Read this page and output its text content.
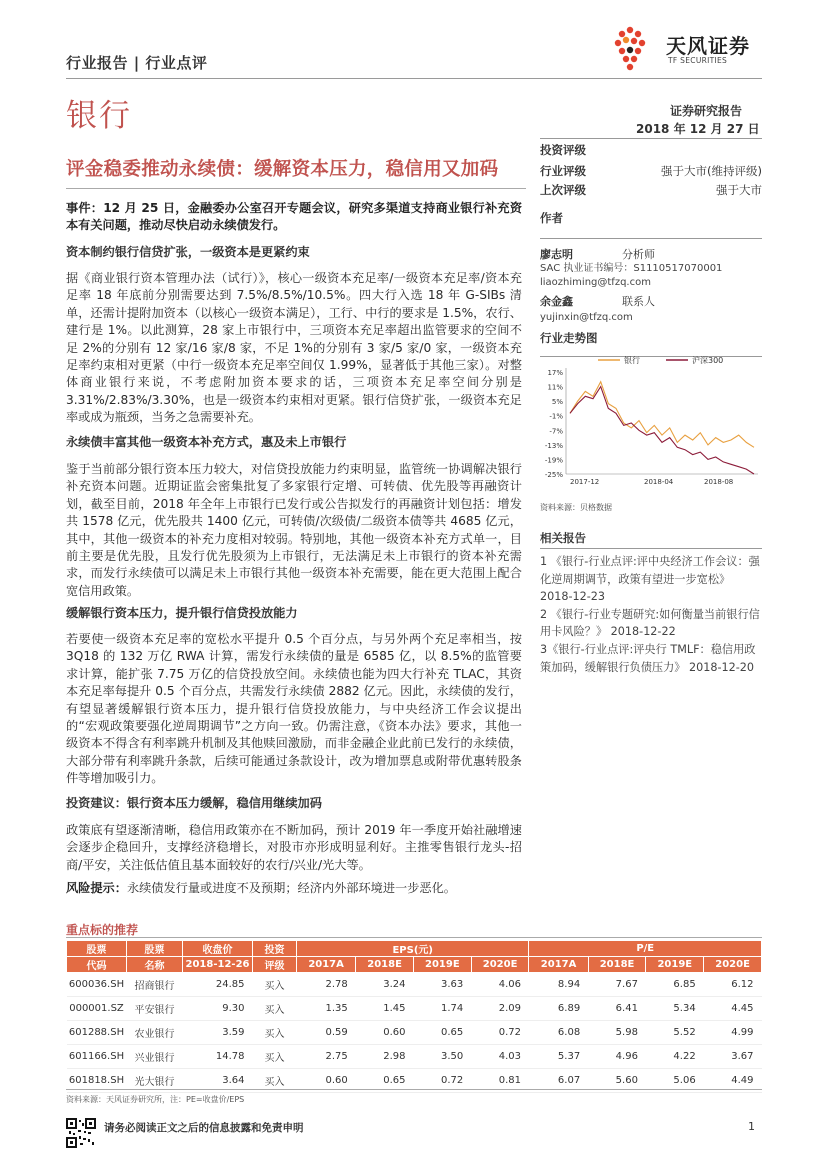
行业报告 | 行业点评
天风证券
TF SECURITIES
银行	证券研究报告
2018 年 12 月 27 日
评金稳委推动永续债：缓解资本压力，稳信用又加码
事件：12 月 25 日，金融委办公室召开专题会议，研究多渠道支持商业银行补充资本有关问题，推动尽快启动永续债发行。
资本制约银行信贷扩张，一级资本是更紧约束
据《商业银行资本管理办法（试行）》，核心一级资本充足率/一级资本充足率/资本充足率 18 年底前分别需要达到 7.5%/8.5%/10.5%。四大行入选 18 年 G-SIBs 清单，还需计提附加资本（以核心一级资本满足），工行、中行的要求是 1.5%，农行、建行是 1%。以此测算，28 家上市银行中，三项资本充足率超出监管要求的空间不足 2%的分别有 12 家/16 家/8 家，不足 1%的分别有 3 家/5 家/0 家，一级资本充足率约束相对更紧（中行一级资本充足率空间仅 1.99%，显著低于其他三家）。对整体商业银行来说，不考虑附加资本要求的话，三项资本充足率空间分别是 3.31%/2.83%/3.30%，也是一级资本约束相对更紧。银行信贷扩张，一级资本充足率或成为瓶颈，当务之急需要补充。
永续债丰富其他一级资本补充方式，惠及未上市银行
鉴于当前部分银行资本压力较大，对信贷投放能力约束明显，监管统一协调解决银行补充资本问题。近期证监会密集批复了多家银行定增、可转债、优先股等再融资计划，截至目前，2018 年全年上市银行已发行或公告拟发行的再融资计划包括：增发共 1578 亿元，优先股共 1400 亿元，可转债/次级债/二级资本债等共 4685 亿元，其中，其他一级资本的补充力度相对较弱。特别地，其他一级资本补充方式单一，目前主要是优先股，且发行优先股须为上市银行，无法满足未上市银行的资本补充需求，而发行永续债可以满足未上市银行其他一级资本补充需要，能在更大范围上配合宽信用政策。
缓解银行资本压力，提升银行信贷投放能力
若要使一级资本充足率的宽松水平提升 0.5 个百分点，与另外两个充足率相当，按 3Q18 的 132 万亿 RWA 计算，需发行永续债的量是 6585 亿，以 8.5%的监管要求计算，能扩张 7.75 万亿的信贷投放空间。永续债也能为四大行补充 TLAC，其资本充足率每提升 0.5 个百分点，共需发行永续债 2882 亿元。因此，永续债的发行，有望显著缓解银行资本压力，提升银行信贷投放能力，与中央经济工作会议提出的“宏观政策要强化逆周期调节”之方向一致。仍需注意，《资本办法》要求，其他一级资本不得含有利率跳升机制及其他赎回激励，而非金融企业此前已发行的永续债，大部分带有利率跳升条款，后续可能通过条款设计，改为增加票息或附带优惠转股条件等增加吸引力。
投资建议：银行资本压力缓解，稳信用继续加码
政策底有望逐渐清晰，稳信用政策亦在不断加码，预计 2019 年一季度开始社融增速会逐步企稳回升，支撑经济稳增长，对股市亦形成明显利好。主推零售银行龙头-招商/平安，关注低估值且基本面较好的农行/兴业/光大等。
风险提示：永续债发行量或进度不及预期；经济内外部环境进一步恶化。
投资评级
行业评级	强于大市(维持评级)
上次评级	强于大市
作者
廖志明	分析师
SAC 执业证书编号：S1110517070001
liaozhiming@tfzq.com
余金鑫	联系人
yujinxin@tfzq.com
行业走势图
17%
11%
5%
-1%
-7%
-13%
-19%
-25%
2017-12	2018-04	2018-08
银行	沪深300
资料来源：贝格数据
相关报告
1 《银行-行业点评:评中央经济工作会议：强化逆周期调节，政策有望进一步宽松》 2018-12-23
2 《银行-行业专题研究:如何衡量当前银行信用卡风险？》 2018-12-22
3《银行-行业点评:评央行 TMLF：稳信用政策加码，缓解银行负债压力》 2018-12-20
重点标的推荐
股票	股票	收盘价	投资	EPS(元)				P/E			
代码	名称	2018-12-26	评级	2017A	2018E	2019E	2020E	2017A	2018E	2019E	2020E
600036.SH	招商银行	24.85	买入	2.78	3.24	3.63	4.06	8.94	7.67	6.85	6.12
000001.SZ	平安银行	9.30	买入	1.35	1.45	1.74	2.09	6.89	6.41	5.34	4.45
601288.SH	农业银行	3.59	买入	0.59	0.60	0.65	0.72	6.08	5.98	5.52	4.99
601166.SH	兴业银行	14.78	买入	2.75	2.98	3.50	4.03	5.37	4.96	4.22	3.67
601818.SH	光大银行	3.64	买入	0.60	0.65	0.72	0.81	6.07	5.60	5.06	4.49
资料来源：天风证券研究所，注：PE=收盘价/EPS
请务必阅读正文之后的信息披露和免责申明	1
